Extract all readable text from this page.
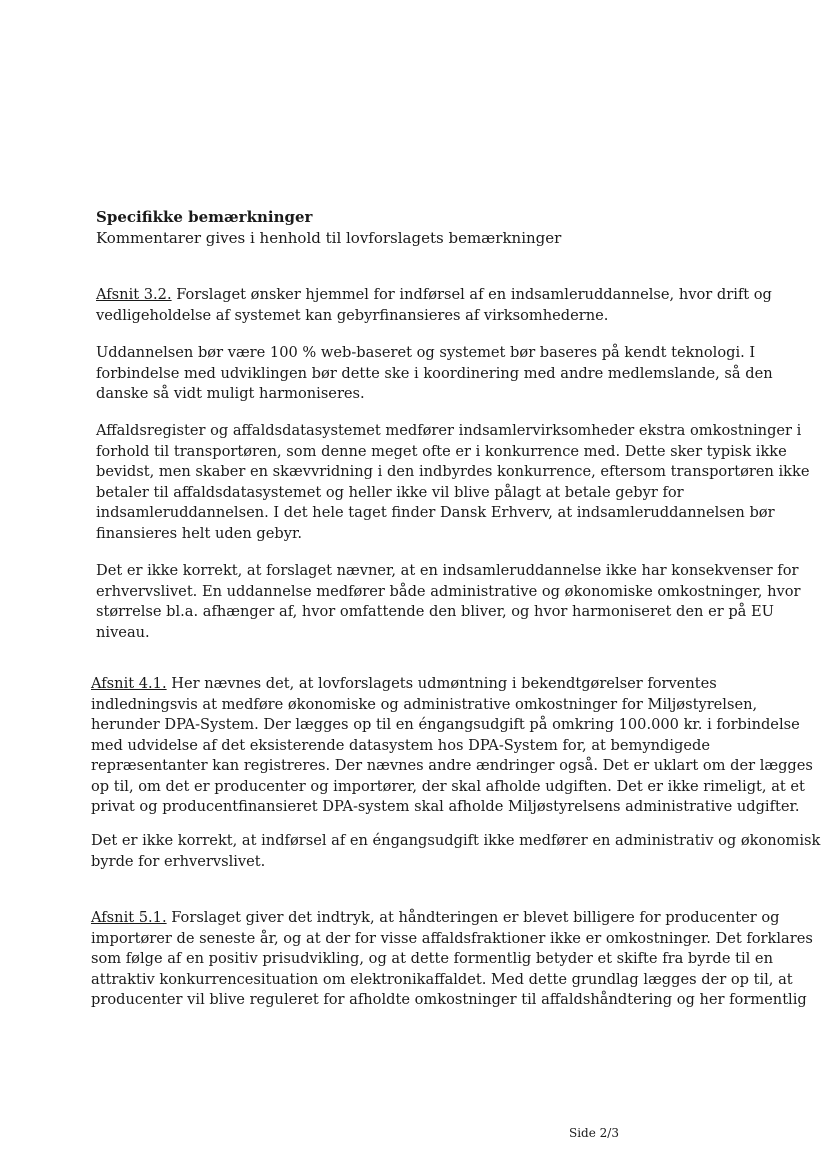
Specifikke bemærkninger

Kommentarer gives i henhold til lovforslagets bemærkninger

Afsnit 3.2. Forslaget ønsker hjemmel for indførsel af en indsamleruddannelse, hvor drift og
vedligeholdelse af systemet kan gebyrfinansieres af virksomhederne.

Uddannelsen bør være 100 % web-baseret og systemet bør baseres på kendt teknologi. I
forbindelse med udviklingen bør dette ske i koordinering med andre medlemslande, så den
danske så vidt muligt harmoniseres.

Affaldsregister og affaldsdatasystemet medfører indsamlervirksomheder ekstra omkostninger i
forhold til transportøren, som denne meget ofte er i konkurrence med. Dette sker typisk ikke
bevidst, men skaber en skævvridning i den indbyrdes konkurrence, eftersom transportøren ikke
betaler til affaldsdatasystemet og heller ikke vil blive pålagt at betale gebyr for
indsamleruddannelsen. I det hele taget finder Dansk Erhverv, at indsamleruddannelsen bør
finansieres helt uden gebyr.

Det er ikke korrekt, at forslaget nævner, at en indsamleruddannelse ikke har konsekvenser for
erhvervslivet. En uddannelse medfører både administrative og økonomiske omkostninger, hvor
størrelse bl.a. afhænger af, hvor omfattende den bliver, og hvor harmoniseret den er på EU
niveau.

Afsnit 4.1. Her nævnes det, at lovforslagets udmøntning i bekendtgørelser forventes
indledningsvis at medføre økonomiske og administrative omkostninger for Miljøstyrelsen,
herunder DPA-System. Der lægges op til en éngangsudgift på omkring 100.000 kr. i forbindelse
med udvidelse af det eksisterende datasystem hos DPA-System for, at bemyndigede
repræsentanter kan registreres. Der nævnes andre ændringer også. Det er uklart om der lægges
op til, om det er producenter og importører, der skal afholde udgiften. Det er ikke rimeligt, at et
privat og producentfinansieret DPA-system skal afholde Miljøstyrelsens administrative udgifter.

Det er ikke korrekt, at indførsel af en éngangsudgift ikke medfører en administrativ og økonomisk
byrde for erhvervslivet.

Afsnit 5.1. Forslaget giver det indtryk, at håndteringen er blevet billigere for producenter og
importører de seneste år, og at der for visse affaldsfraktioner ikke er omkostninger. Det forklares
som følge af en positiv prisudvikling, og at dette formentlig betyder et skifte fra byrde til en
attraktiv konkurrencesituation om elektronikaffaldet. Med dette grundlag lægges der op til, at
producenter vil blive reguleret for afholdte omkostninger til affaldshåndtering og her formentlig

Side 2/3
